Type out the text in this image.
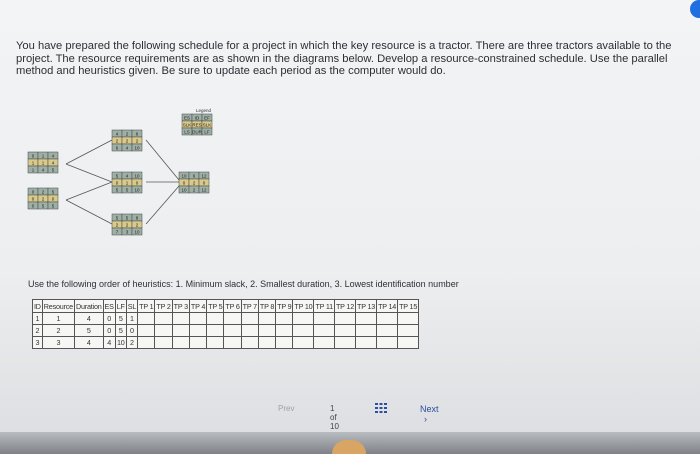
You have prepared the following schedule for a project in which the key resource is a tractor. There are three tractors available to the project. The resource requirements are as shown in the diagrams below. Develop a resource-constrained schedule. Use the parallel method and heuristics given. Be sure to update each period as the computer would do.
0 1 4
1 1 4
1 4 5
0 2 5
0 2 0
0 5 5
4 2 8
2 2 2
6 4 10
5 4 10
0 1 0
5 5 10
5 5 8
2 2 2
7 3 10
10 6 12
0 2 0
10 2 12
ES ID EF
SLK RES SLK
LS DUR LF
Legend
Use the following order of heuristics: 1. Minimum slack, 2. Smallest duration, 3. Lowest identification number
ID	Resource	Duration	ES	LF	SL	TP 1	TP 2	TP 3	TP 4	TP 5	TP 6	TP 7	TP 8	TP 9	TP 10	TP 11	TP 12	TP 13	TP 14	TP 15
1	1	4	0	5	1															
2	2	5	0	5	0															
3	3	4	4	10	2															
Prev	1 of 10
Next ›
